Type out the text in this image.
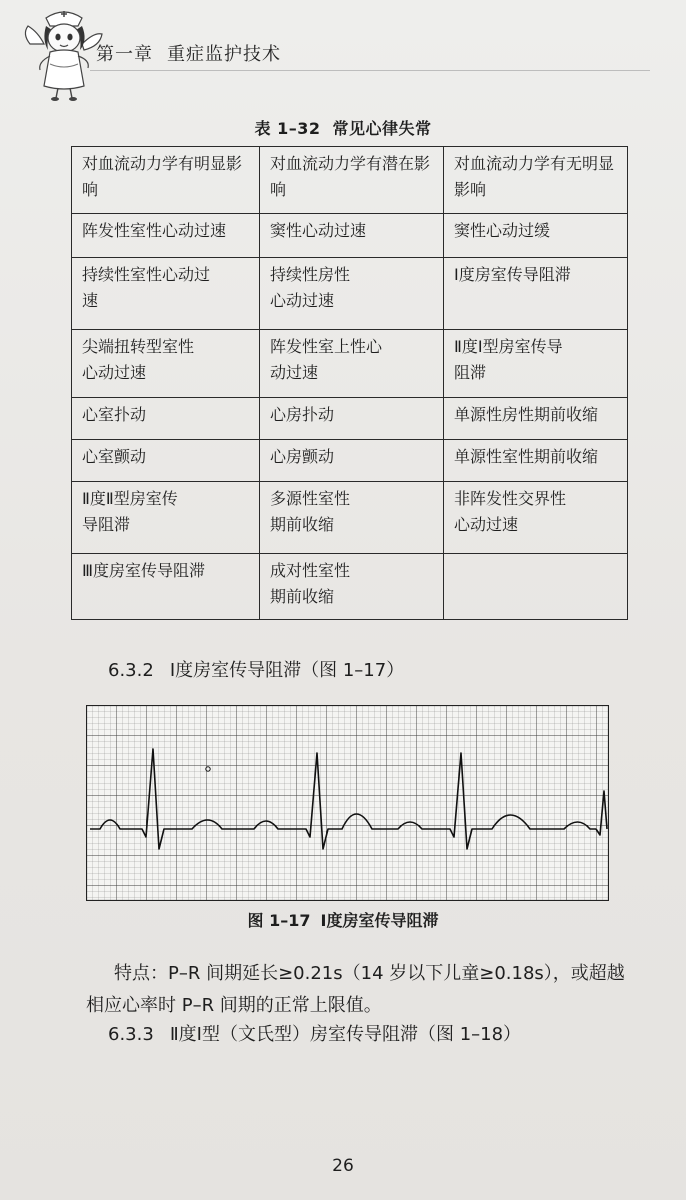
第一章 重症监护技术
表 1–32 常见心律失常
对血流动力学有明显影响	对血流动力学有潜在影响	对血流动力学有无明显影响
阵发性室性心动过速	窦性心动过速	窦性心动过缓

持续性室性心动过速	持续性房性心动过速	Ⅰ度房室传导阻滞

尖端扭转型室性心动过速	阵发性室上性心动过速	Ⅱ度Ⅰ型房室传导阻滞

心室扑动	心房扑动	单源性房性期前收缩
心室颤动	心房颤动	单源性室性期前收缩

Ⅱ度Ⅱ型房室传导阻滞	多源性室性期前收缩	非阵发性交界性心动过速

Ⅲ度房室传导阻滞	成对性室性期前收缩	

6.3.2 Ⅰ度房室传导阻滞（图 1–17）
图 1–17 Ⅰ度房室传导阻滞
特点：P–R 间期延长≥0.21s（14 岁以下儿童≥0.18s），或超越相应心率时 P–R 间期的正常上限值。
6.3.3 Ⅱ度Ⅰ型（文氏型）房室传导阻滞（图 1–18）
26
